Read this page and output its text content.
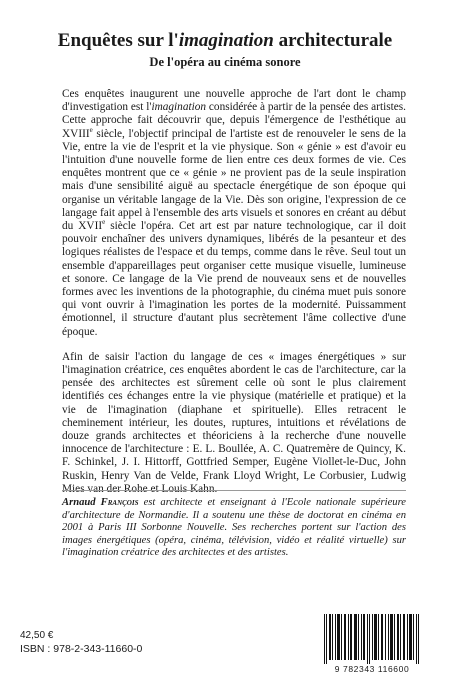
Enquêtes sur l'imagination architecturale
De l'opéra au cinéma sonore

Ces enquêtes inaugurent une nouvelle approche de l'art dont le champ d'investigation est l'imagination considérée à partir de la pensée des artistes. Cette approche fait découvrir que, depuis l'émergence de l'esthétique au XVIIIe siècle, l'objectif principal de l'artiste est de renouveler le sens de la Vie, entre la vie de l'esprit et la vie physique. Son « génie » est d'avoir eu l'intuition d'une nouvelle forme de lien entre ces deux formes de vie. Ces enquêtes montrent que ce « génie » ne provient pas de la seule inspiration mais d'une sensibilité aiguë au spectacle énergétique de son époque qui organise un véritable langage de la Vie. Dès son origine, l'expression de ce langage fait appel à l'ensemble des arts visuels et sonores en créant au début du XVIIe siècle l'opéra. Cet art est par nature technologique, car il doit pouvoir enchaîner des univers dynamiques, libérés de la pesanteur et des logiques réalistes de l'espace et du temps, comme dans le rêve. Seul tout un ensemble d'appareillages peut organiser cette musique visuelle, lumineuse et sonore. Ce langage de la Vie prend de nouveaux sens et de nouvelles formes avec les inventions de la photographie, du cinéma muet puis sonore qui vont ouvrir à l'imagination les portes de la modernité. Puissamment émotionnel, il structure d'autant plus secrètement l'âme collective d'une époque.

Afin de saisir l'action du langage de ces « images énergétiques » sur l'imagination créatrice, ces enquêtes abordent le cas de l'architecture, car la pensée des architectes est sûrement celle où sont le plus clairement identifiés ces échanges entre la vie physique (matérielle et pratique) et la vie de l'imagination (diaphane et spirituelle). Elles retracent le cheminement intérieur, les doutes, ruptures, intuitions et révélations de douze grands architectes et théoriciens à la recherche d'une nouvelle innocence de l'architecture : E. L. Boullée, A. C. Quatremère de Quincy, K. F. Schinkel, J. I. Hittorff, Gottfried Semper, Eugène Viollet-le-Duc, John Ruskin, Henry Van de Velde, Frank Lloyd Wright, Le Corbusier, Ludwig Mies van der Rohe et Louis Kahn.

Arnaud François est architecte et enseignant à l'Ecole nationale supérieure d'architecture de Normandie. Il a soutenu une thèse de doctorat en cinéma en 2001 à Paris III Sorbonne Nouvelle. Ses recherches portent sur l'action des images énergétiques (opéra, cinéma, télévision, vidéo et réalité virtuelle) sur l'imagination créatrice des architectes et des artistes.
42,50 €
ISBN : 978-2-343-11660-0
9 782343 116600
